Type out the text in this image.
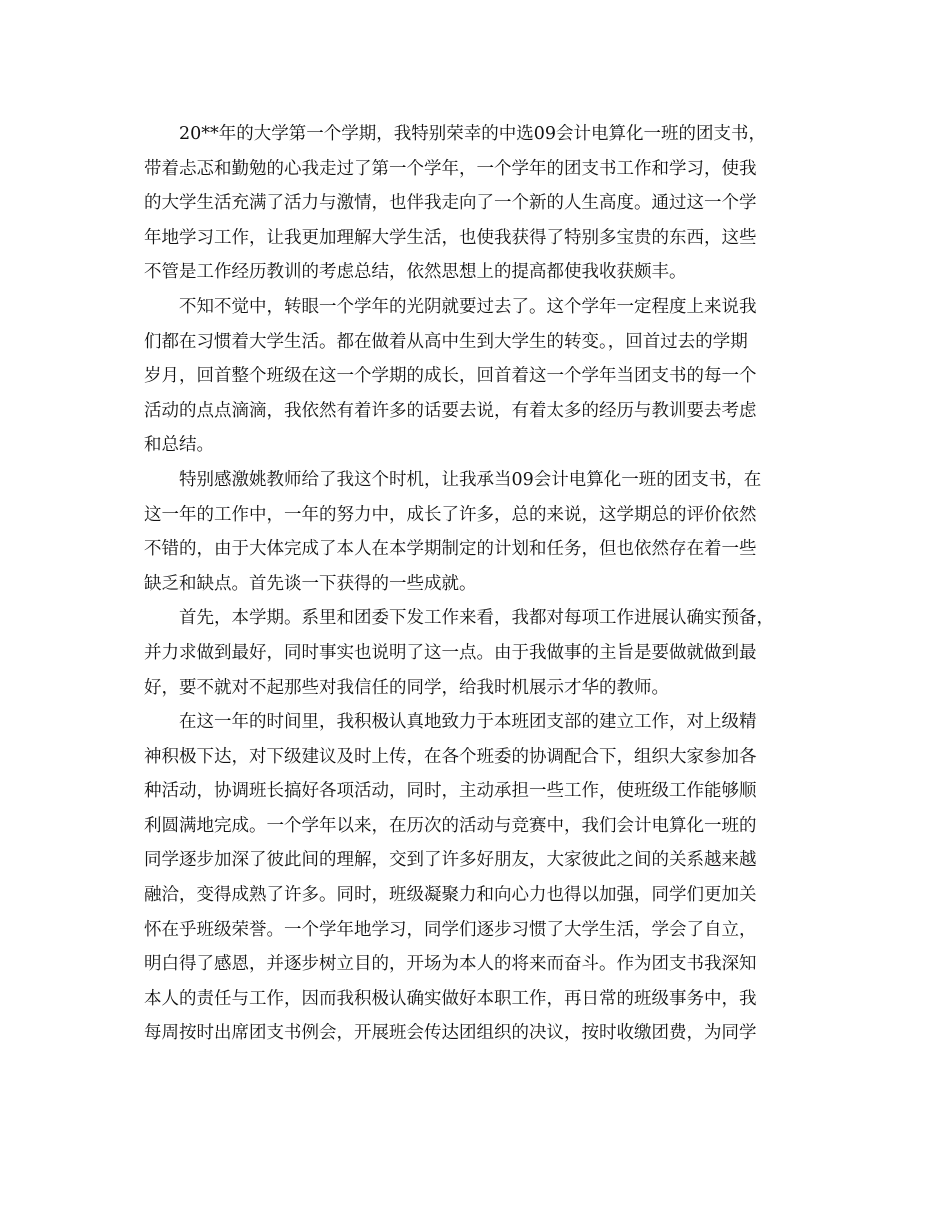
20**年的大学第一个学期，我特别荣幸的中选09会计电算化一班的团支书，
带着忐忑和勤勉的心我走过了第一个学年，一个学年的团支书工作和学习，使我
的大学生活充满了活力与激情，也伴我走向了一个新的人生高度。通过这一个学
年地学习工作，让我更加理解大学生活，也使我获得了特别多宝贵的东西，这些
不管是工作经历教训的考虑总结，依然思想上的提高都使我收获颇丰。
不知不觉中，转眼一个学年的光阴就要过去了。这个学年一定程度上来说我
们都在习惯着大学生活。都在做着从高中生到大学生的转变。，回首过去的学期
岁月，回首整个班级在这一个学期的成长，回首着这一个学年当团支书的每一个
活动的点点滴滴，我依然有着许多的话要去说，有着太多的经历与教训要去考虑
和总结。
特别感激姚教师给了我这个时机，让我承当09会计电算化一班的团支书，在
这一年的工作中，一年的努力中，成长了许多，总的来说，这学期总的评价依然
不错的，由于大体完成了本人在本学期制定的计划和任务，但也依然存在着一些
缺乏和缺点。首先谈一下获得的一些成就。
首先，本学期。系里和团委下发工作来看，我都对每项工作进展认确实预备，
并力求做到最好，同时事实也说明了这一点。由于我做事的主旨是要做就做到最
好，要不就对不起那些对我信任的同学，给我时机展示才华的教师。
在这一年的时间里，我积极认真地致力于本班团支部的建立工作，对上级精
神积极下达，对下级建议及时上传，在各个班委的协调配合下，组织大家参加各
种活动，协调班长搞好各项活动，同时，主动承担一些工作，使班级工作能够顺
利圆满地完成。一个学年以来，在历次的活动与竞赛中，我们会计电算化一班的
同学逐步加深了彼此间的理解，交到了许多好朋友，大家彼此之间的关系越来越
融洽，变得成熟了许多。同时，班级凝聚力和向心力也得以加强，同学们更加关
怀在乎班级荣誉。一个学年地学习，同学们逐步习惯了大学生活，学会了自立，
明白得了感恩，并逐步树立目的，开场为本人的将来而奋斗。作为团支书我深知
本人的责任与工作，因而我积极认确实做好本职工作，再日常的班级事务中，我
每周按时出席团支书例会，开展班会传达团组织的决议，按时收缴团费，为同学
